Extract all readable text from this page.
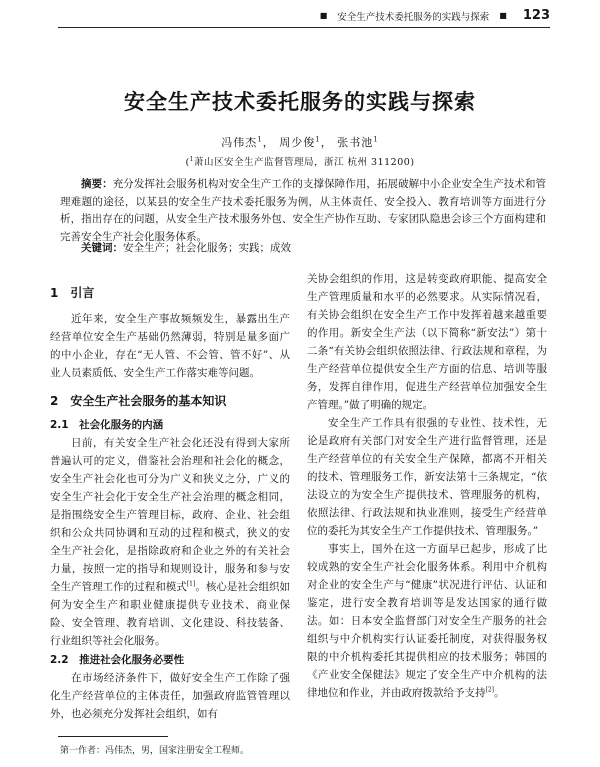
■ 安全生产技术委托服务的实践与探索 ■ 123
安全生产技术委托服务的实践与探索
冯伟杰$^1$， 周少俊$^1$， 张书池$^1$
($^1$萧山区安全生产监督管理局，浙江 杭州 311200)
摘要：充分发挥社会服务机构对安全生产工作的支撑保障作用，拓展破解中小企业安全生产技术和管理难题的途径，以某县的安全生产技术委托服务为例，从主体责任、安全投入、教育培训等方面进行分析，指出存在的问题，从安全生产技术服务外包、安全生产协作互助、专家团队隐患会诊三个方面构建和完善安全生产社会化服务体系。
关键词：安全生产；社会化服务；实践；成效

1　引言

近年来，安全生产事故频频发生，暴露出生产经营单位安全生产基础仍然薄弱，特别是量多面广的中小企业，存在“无人管、不会管、管不好”、从业人员素质低、安全生产工作落实难等问题。

2　安全生产社会服务的基本知识

2.1　社会化服务的内涵

日前，有关安全生产社会化还没有得到大家所普遍认可的定义，借鉴社会治理和社会化的概念，安全生产社会化也可分为广义和狭义之分，广义的安全生产社会化于安全生产社会治理的概念相同，是指围绕安全生产管理目标，政府、企业、社会组织和公众共同协调和互动的过程和模式，狭义的安全生产社会化，是指除政府和企业之外的有关社会力量，按照一定的指导和规则设计，服务和参与安全生产管理工作的过程和模式[1]。核心是社会组织如何为安全生产和职业健康提供专业技术、商业保险、安全管理、教育培训、文化建设、科技装备、行业组织等社会化服务。

2.2　推进社会化服务必要性

在市场经济条件下，做好安全生产工作除了强化生产经营单位的主体责任，加强政府监管管理以外，也必须充分发挥社会组织，如有

关协会组织的作用，这是转变政府职能、提高安全生产管理质量和水平的必然要求。从实际情况看，有关协会组织在安全生产工作中发挥着越来越重要的作用。新安全生产法（以下简称“新安法”）第十二条“有关协会组织依照法律、行政法规和章程，为生产经营单位提供安全生产方面的信息、培训等服务，发挥自律作用，促进生产经营单位加强安全生产管理。”做了明确的规定。

安全生产工作具有很强的专业性、技术性，无论是政府有关部门对安全生产进行监督管理，还是生产经营单位的有关安全生产保障，都离不开相关的技术、管理服务工作，新安法第十三条规定，“依法设立的为安全生产提供技术、管理服务的机构，依照法律、行政法规和执业准则，接受生产经营单位的委托为其安全生产工作提供技术、管理服务。”

事实上，国外在这一方面早已起步，形成了比较成熟的安全生产社会化服务体系。利用中介机构对企业的安全生产与“健康”状况进行评估、认证和鉴定，进行安全教育培训等是发达国家的通行做法。如：日本安全监督部门对安全生产服务的社会组织与中介机构实行认证委托制度，对获得服务权限的中介机构委托其提供相应的技术服务；韩国的《产业安全保健法》规定了安全生产中介机构的法律地位和作业，并由政府拨款给予支持[2]。

第一作者：冯伟杰，男，国家注册安全工程师。
